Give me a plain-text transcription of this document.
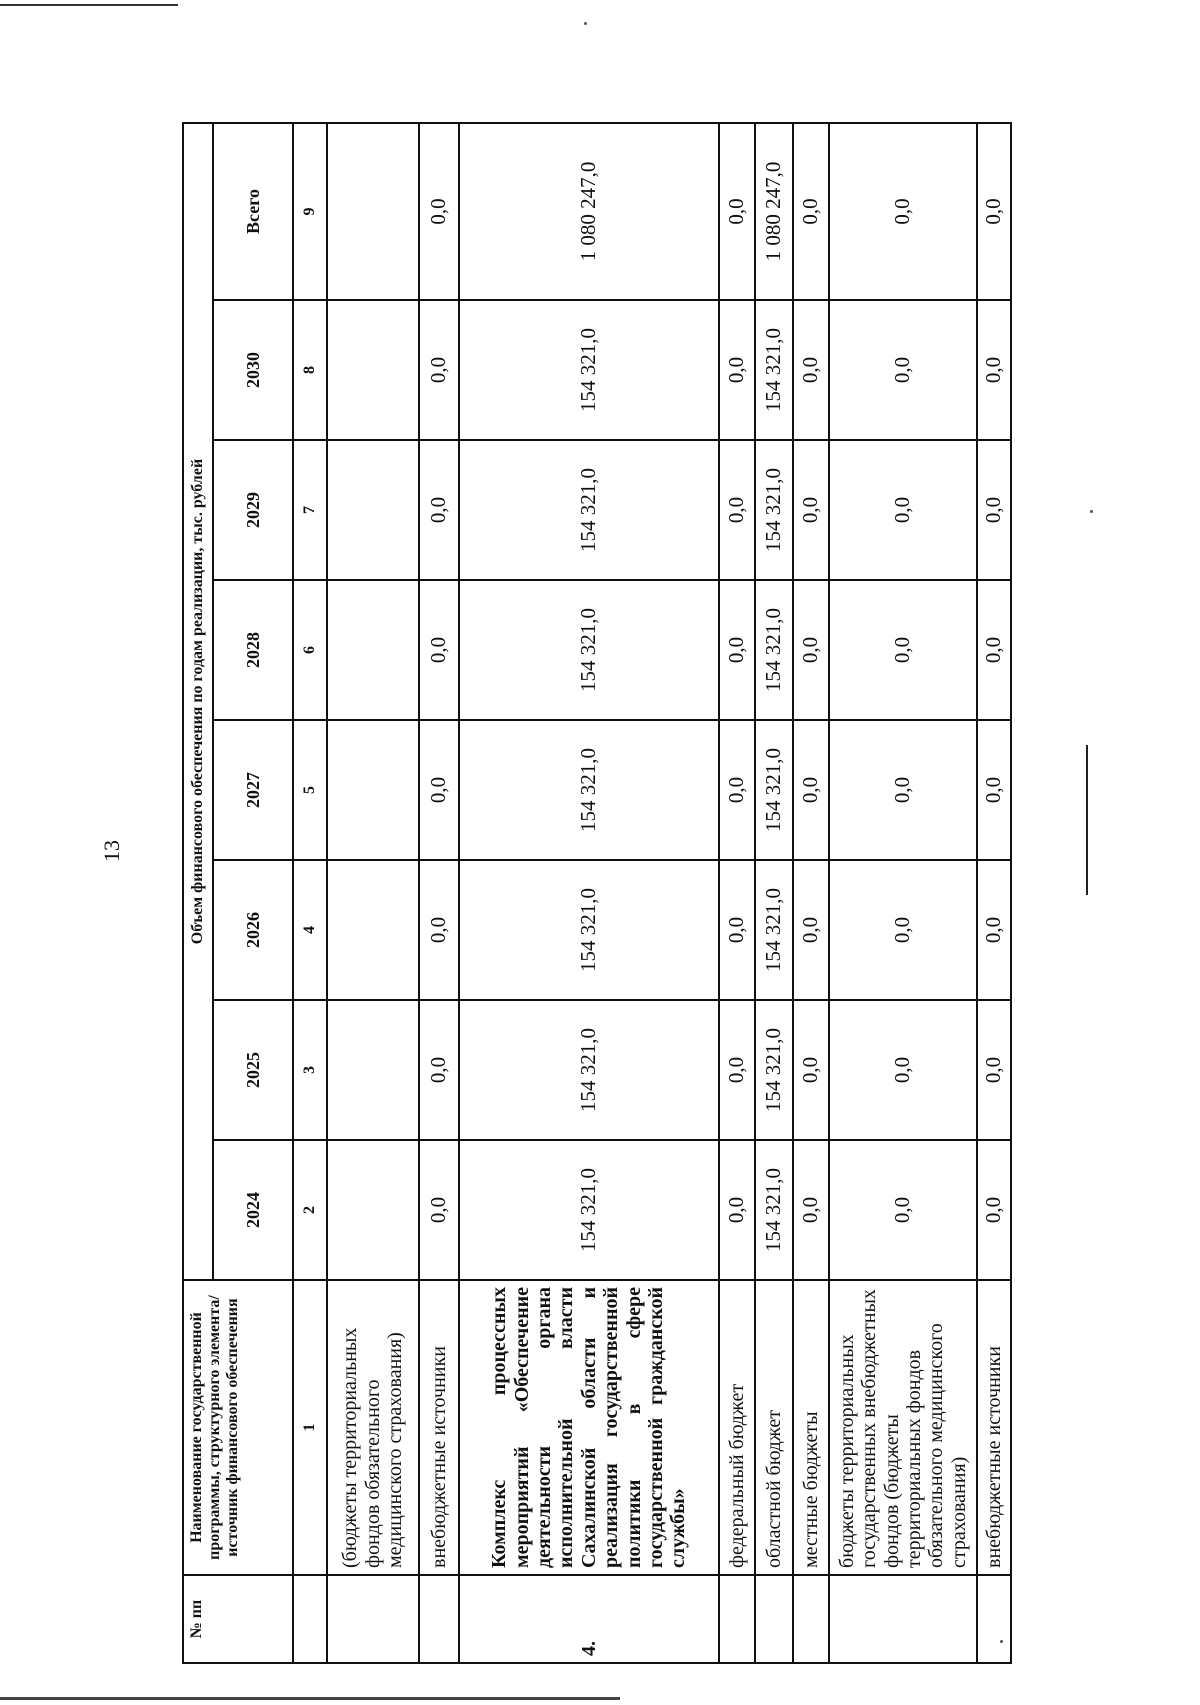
13
№ пп	Наименование государственной программы, структурного элемента/источник финансового обеспечения	Объем финансового обеспечения по годам реализации, тыс. рублей							
		2024	2025	2026	2027	2028	2029	2030	Всего
	1	2	3	4	5	6	7	8	9
	(бюджеты территориальных фондов обязательного медицинского страхования)								
	внебюджетные источники	0,0	0,0	0,0	0,0	0,0	0,0	0,0	0,0
4.	Комплекс процессных мероприятий «Обеспечение деятельности органа исполнительной власти Сахалинской области и реализация государственной политики в сфере государственной гражданской службы»	154 321,0	154 321,0	154 321,0	154 321,0	154 321,0	154 321,0	154 321,0	1 080 247,0
	федеральный бюджет	0,0	0,0	0,0	0,0	0,0	0,0	0,0	0,0
	областной бюджет	154 321,0	154 321,0	154 321,0	154 321,0	154 321,0	154 321,0	154 321,0	1 080 247,0
	местные бюджеты	0,0	0,0	0,0	0,0	0,0	0,0	0,0	0,0
	бюджеты территориальных государственных внебюджетных фондов (бюджеты территориальных фондов обязательного медицинского страхования)	0,0	0,0	0,0	0,0	0,0	0,0	0,0	0,0
	внебюджетные источники	0,0	0,0	0,0	0,0	0,0	0,0	0,0	0,0
